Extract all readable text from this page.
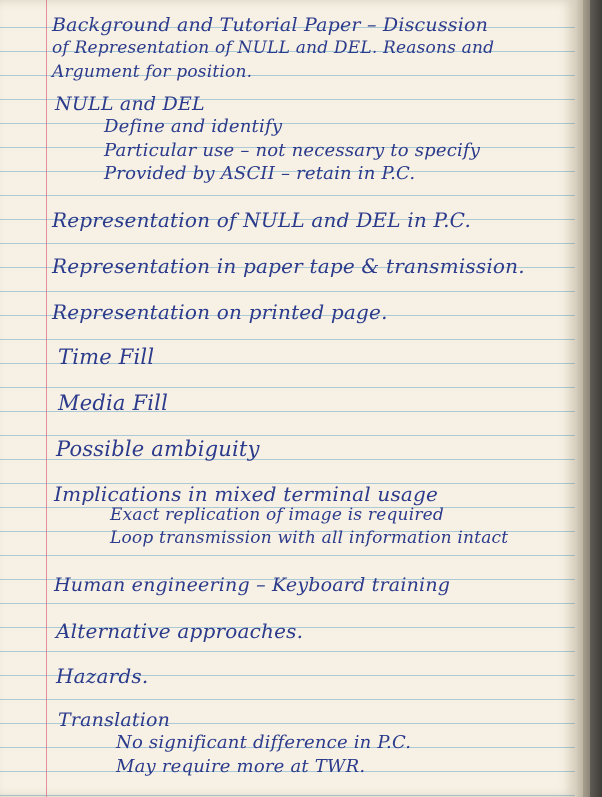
Background and Tutorial Paper – Discussion

of Representation of NULL and DEL. Reasons and

Argument for position.

NULL and DEL

Define and identify

Particular use – not necessary to specify

Provided by ASCII – retain in P.C.

Representation of NULL and DEL in P.C.

Representation in paper tape & transmission.

Representation on printed page.

Time Fill

Media Fill

Possible ambiguity

Implications in mixed terminal usage

Exact replication of image is required

Loop transmission with all information intact

Human engineering – Keyboard training

Alternative approaches.

Hazards.

Translation

No significant difference in P.C.

May require more at TWR.
